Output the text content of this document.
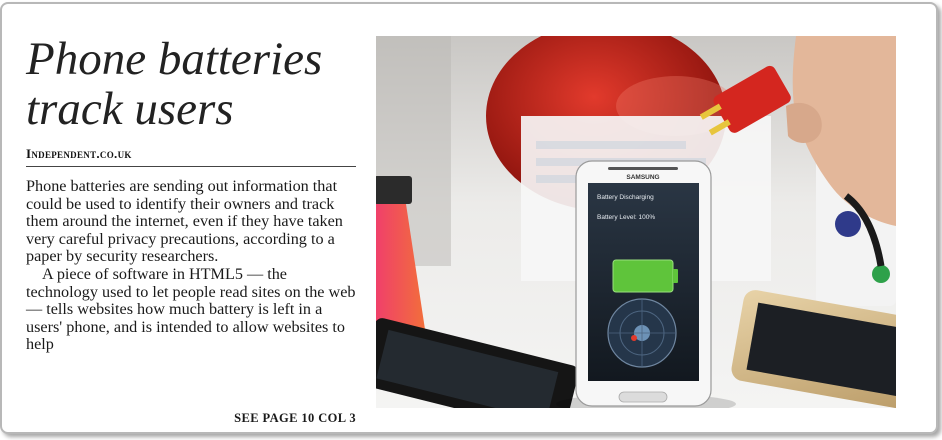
Phone batteries
track users
Independent.co.uk

Phone batteries are sending out information that could be used to identify their owners and track them around the internet, even if they have taken very careful privacy precautions, according to a paper by security researchers.

A piece of software in HTML5 — the technology used to let people read sites on the web — tells websites how much battery is left in a users' phone, and is intended to allow websites to help

SEE PAGE 10 COL 3
SAMSUNG
Battery Discharging
Battery Level: 100%
